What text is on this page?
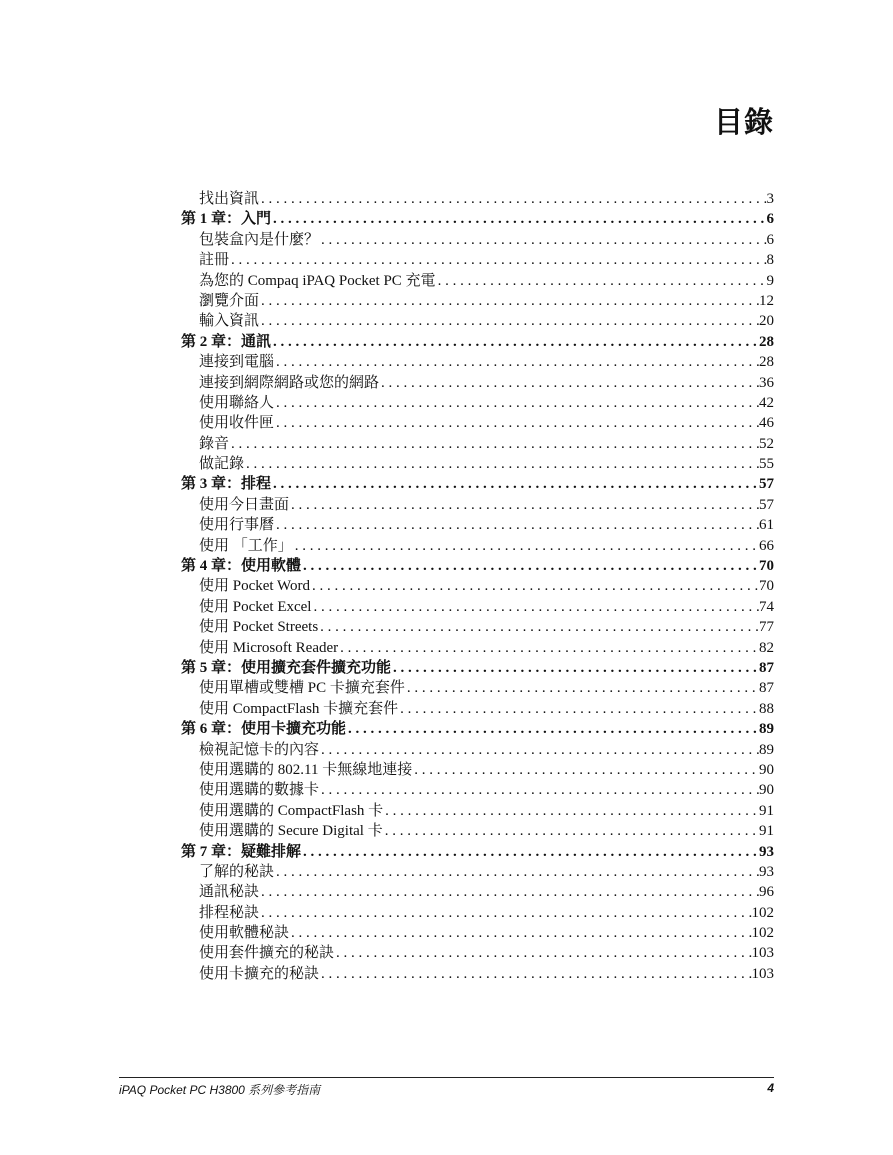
目錄
找出資訊 . . .	3
第 1 章：入門 . . .	6
包裝盒內是什麼？ . . .	6
註冊 . . .	8
為您的 Compaq iPAQ Pocket PC 充電 . . .	9
瀏覽介面 . . .	12
輸入資訊 . . .	20
第 2 章：通訊 . . .	28
連接到電腦 . . .	28
連接到網際網路或您的網路 . . .	36
使用聯絡人 . . .	42
使用收件匣 . . .	46
錄音 . . .	52
做記錄 . . .	55
第 3 章：排程 . . .	57
使用今日畫面 . . .	57
使用行事曆 . . .	61
使用 「工作」 . . .	66
第 4 章：使用軟體 . . .	70
使用 Pocket Word . . .	70
使用 Pocket Excel . . .	74
使用 Pocket Streets . . .	77
使用 Microsoft Reader . . .	82
第 5 章：使用擴充套件擴充功能 . . .	87
使用單槽或雙槽 PC 卡擴充套件 . . .	87
使用 CompactFlash 卡擴充套件 . . .	88
第 6 章：使用卡擴充功能 . . .	89
檢視記憶卡的內容 . . .	89
使用選購的 802.11 卡無線地連接 . . .	90
使用選購的數據卡 . . .	90
使用選購的 CompactFlash 卡 . . .	91
使用選購的 Secure Digital 卡 . . .	91
第 7 章：疑難排解 . . .	93
了解的秘訣 . . .	93
通訊秘訣 . . .	96
排程秘訣 . . .	102
使用軟體秘訣 . . .	102
使用套件擴充的秘訣 . . .	103
使用卡擴充的秘訣 . . .	103
iPAQ Pocket PC H3800 系列參考指南	4
